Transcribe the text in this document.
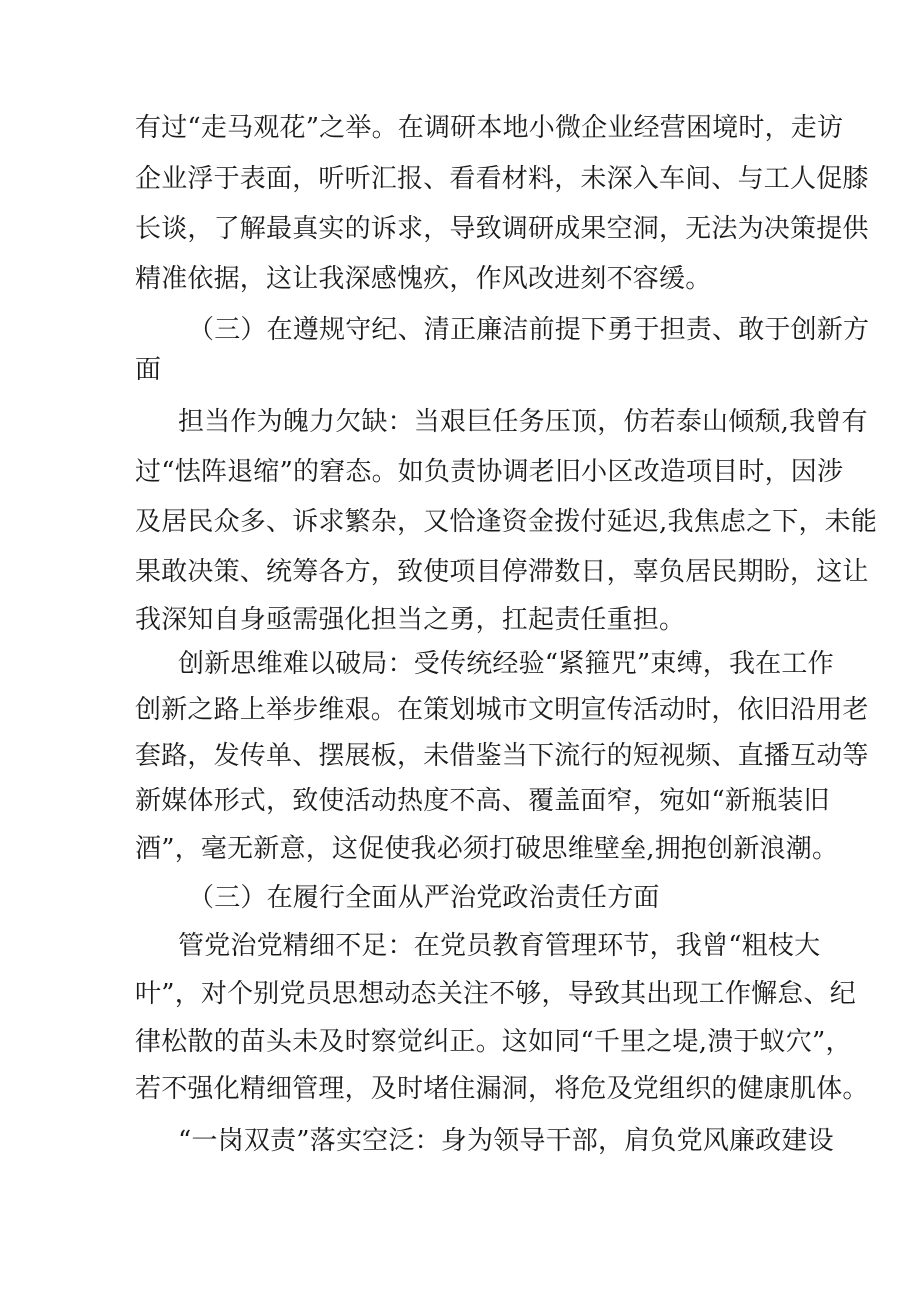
有过“走马观花”之举。在调研本地小微企业经营困境时，走访
企业浮于表面，听听汇报、看看材料，未深入车间、与工人促膝
长谈，了解最真实的诉求，导致调研成果空洞，无法为决策提供
精准依据，这让我深感愧疚，作风改进刻不容缓。
（三）在遵规守纪、清正廉洁前提下勇于担责、敢于创新方
面
担当作为魄力欠缺：当艰巨任务压顶，仿若泰山倾颓,我曾有
过“怯阵退缩”的窘态。如负责协调老旧小区改造项目时，因涉
及居民众多、诉求繁杂，又恰逢资金拨付延迟,我焦虑之下，未能
果敢决策、统筹各方，致使项目停滞数日，辜负居民期盼，这让
我深知自身亟需强化担当之勇，扛起责任重担。
创新思维难以破局：受传统经验“紧箍咒”束缚，我在工作
创新之路上举步维艰。在策划城市文明宣传活动时，依旧沿用老
套路，发传单、摆展板，未借鉴当下流行的短视频、直播互动等
新媒体形式，致使活动热度不高、覆盖面窄，宛如“新瓶装旧
酒”，毫无新意，这促使我必须打破思维壁垒,拥抱创新浪潮。
（三）在履行全面从严治党政治责任方面
管党治党精细不足：在党员教育管理环节，我曾“粗枝大
叶”，对个别党员思想动态关注不够，导致其出现工作懈怠、纪
律松散的苗头未及时察觉纠正。这如同“千里之堤,溃于蚁穴”，
若不强化精细管理，及时堵住漏洞，将危及党组织的健康肌体。
“一岗双责”落实空泛：身为领导干部，肩负党风廉政建设
